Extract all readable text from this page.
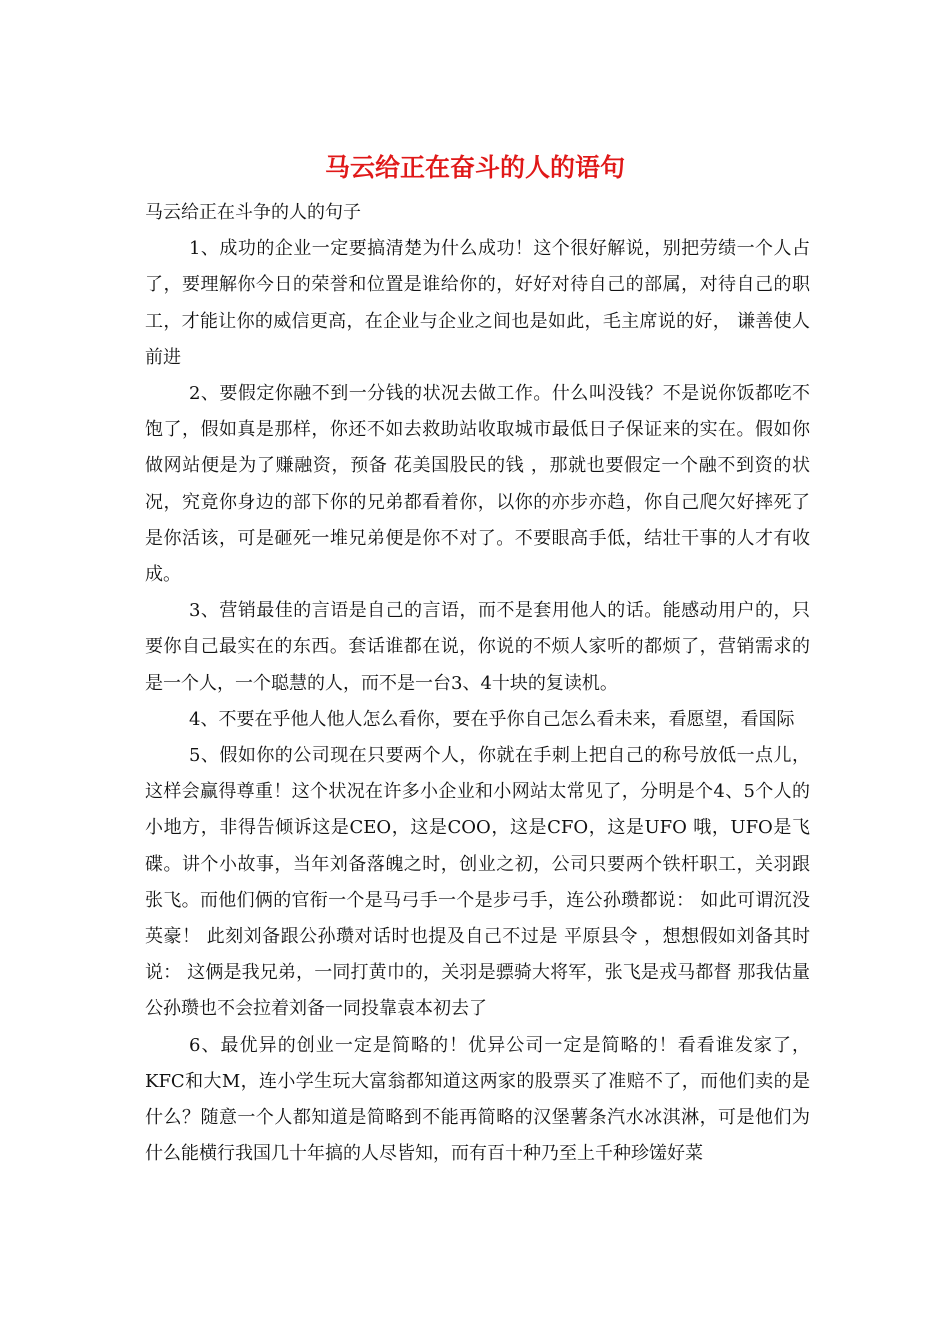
马云给正在奋斗的人的语句

马云给正在斗争的人的句子

1、成功的企业一定要搞清楚为什么成功！这个很好解说，别把劳绩一个人占了，要理解你今日的荣誉和位置是谁给你的，好好对待自己的部属，对待自己的职工，才能让你的威信更高，在企业与企业之间也是如此，毛主席说的好， 谦善使人前进

2、要假定你融不到一分钱的状况去做工作。什么叫没钱？不是说你饭都吃不饱了，假如真是那样，你还不如去救助站收取城市最低日子保证来的实在。假如你做网站便是为了赚融资，预备 花美国股民的钱 ，那就也要假定一个融不到资的状况，究竟你身边的部下你的兄弟都看着你，以你的亦步亦趋，你自己爬欠好摔死了是你活该，可是砸死一堆兄弟便是你不对了。不要眼高手低，结壮干事的人才有收成。

3、营销最佳的言语是自己的言语，而不是套用他人的话。能感动用户的，只要你自己最实在的东西。套话谁都在说，你说的不烦人家听的都烦了，营销需求的是一个人，一个聪慧的人，而不是一台3、4十块的复读机。

4、不要在乎他人他人怎么看你，要在乎你自己怎么看未来，看愿望，看国际

5、假如你的公司现在只要两个人，你就在手刺上把自己的称号放低一点儿，这样会赢得尊重！这个状况在许多小企业和小网站太常见了，分明是个4、5个人的小地方，非得告倾诉这是CEO，这是COO，这是CFO，这是UFO 哦，UFO是飞碟。讲个小故事，当年刘备落魄之时，创业之初，公司只要两个铁杆职工，关羽跟张飞。而他们俩的官衔一个是马弓手一个是步弓手，连公孙瓒都说： 如此可谓沉没英豪！ 此刻刘备跟公孙瓒对话时也提及自己不过是 平原县令 ，想想假如刘备其时说： 这俩是我兄弟，一同打黄巾的，关羽是骠骑大将军，张飞是戎马都督 那我估量公孙瓒也不会拉着刘备一同投靠袁本初去了

6、最优异的创业一定是简略的！优异公司一定是简略的！看看谁发家了，KFC和大M，连小学生玩大富翁都知道这两家的股票买了准赔不了，而他们卖的是什么？随意一个人都知道是简略到不能再简略的汉堡薯条汽水冰淇淋，可是他们为什么能横行我国几十年搞的人尽皆知，而有百十种乃至上千种珍馐好菜
